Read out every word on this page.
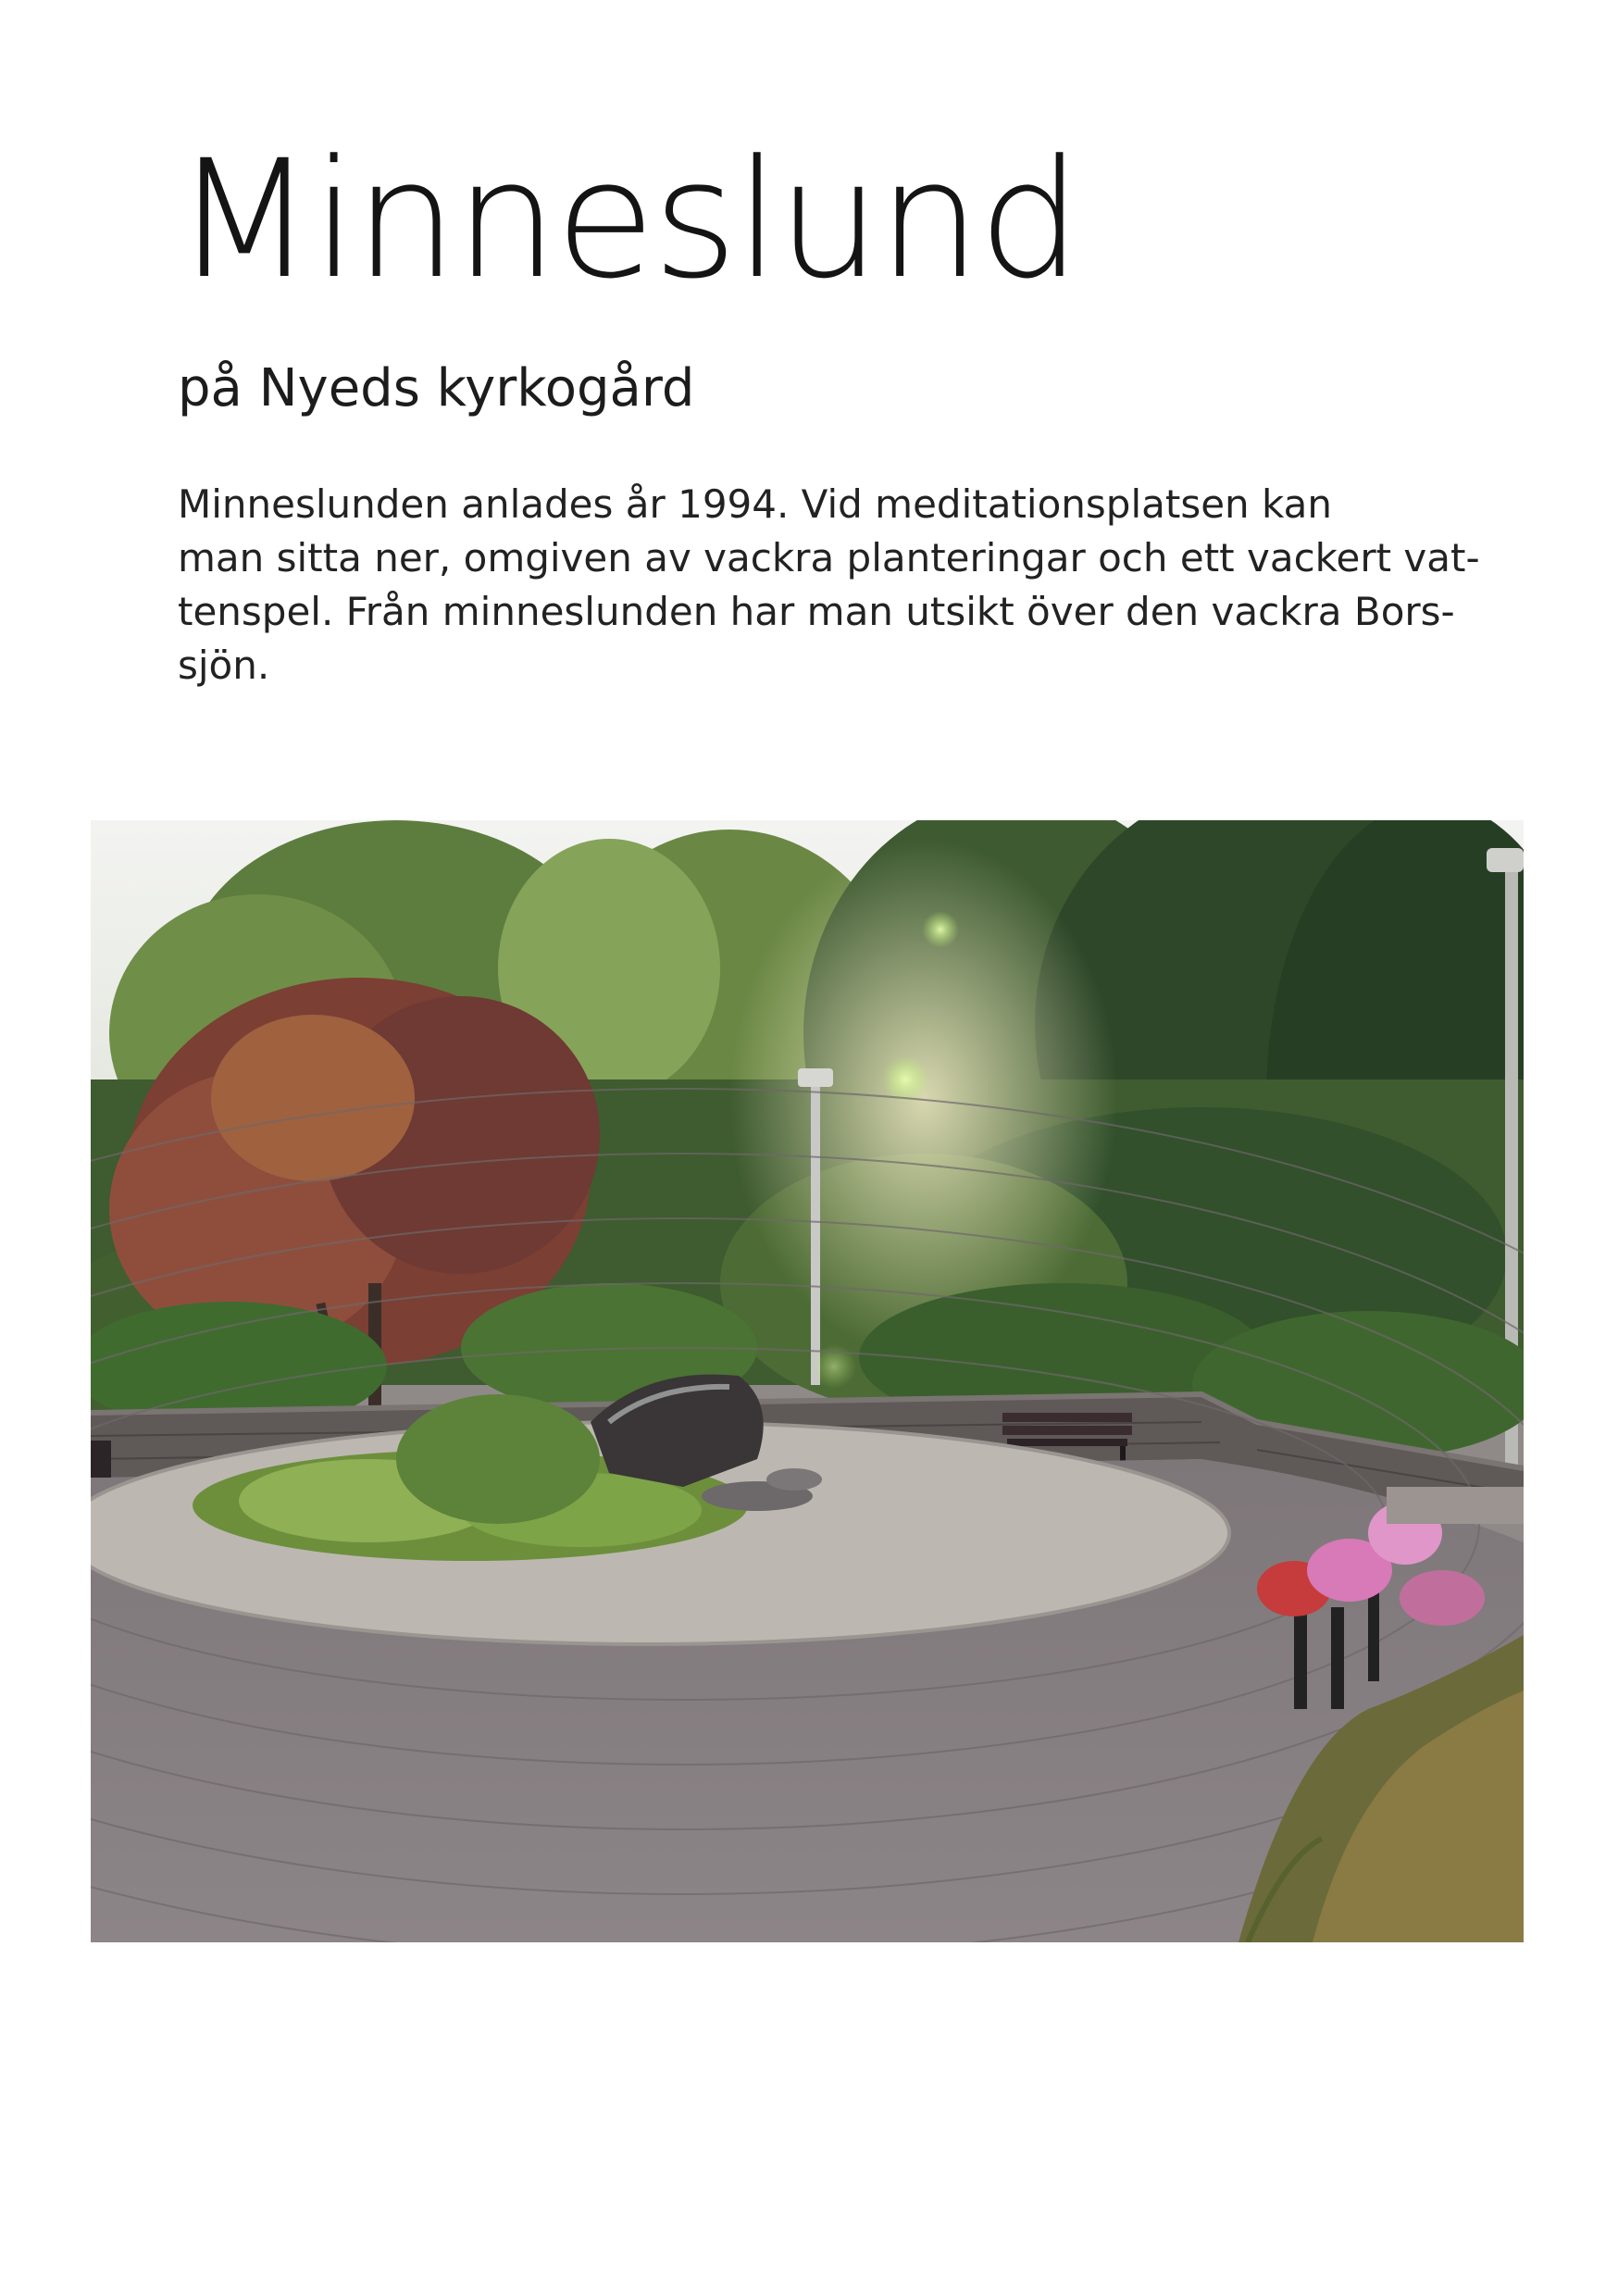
Minneslund
på Nyeds kyrkogård

Minneslunden anlades år 1994. Vid meditationsplatsen kan
man sitta ner, omgiven av vackra planteringar och ett vackert vat-
tenspel. Från minneslunden har man utsikt över den vackra Bors-
sjön.
